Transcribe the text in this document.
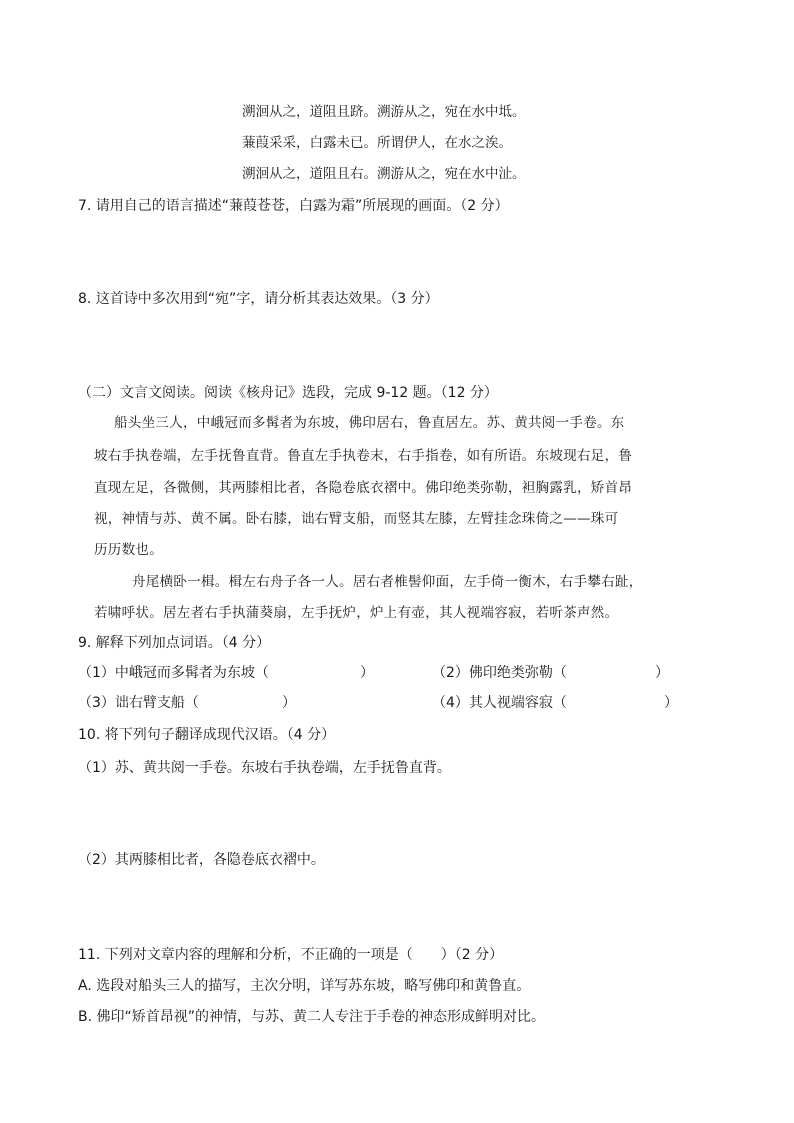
溯洄从之，道阻且跻。溯游从之，宛在水中坻。
蒹葭采采，白露未已。所谓伊人，在水之涘。
溯洄从之，道阻且右。溯游从之，宛在水中沚。
7. 请用自己的语言描述“蒹葭苍苍，白露为霜”所展现的画面。（2 分）
8. 这首诗中多次用到“宛”字，请分析其表达效果。（3 分）
（二）文言文阅读。阅读《核舟记》选段，完成 9-12 题。（12 分）
船头坐三人，中峨冠而多髯者为东坡，佛印居右，鲁直居左。苏、黄共阅一手卷。东
坡右手执卷端，左手抚鲁直背。鲁直左手执卷末，右手指卷，如有所语。东坡现右足，鲁
直现左足，各微侧，其两膝相比者，各隐卷底衣褶中。佛印绝类弥勒，袒胸露乳，矫首昂
视，神情与苏、黄不属。卧右膝，诎右臂支船，而竖其左膝，左臂挂念珠倚之——珠可
历历数也。
舟尾横卧一楫。楫左右舟子各一人。居右者椎髻仰面，左手倚一衡木，右手攀右趾，
若啸呼状。居左者右手执蒲葵扇，左手抚炉，炉上有壶，其人视端容寂，若听茶声然。
9. 解释下列加点词语。（4 分）
（1）中峨冠而多髯者为东坡（	）	（2）佛印绝类弥勒（	）
（3）诎右臂支船（	）	（4）其人视端容寂（	）
10. 将下列句子翻译成现代汉语。（4 分）
（1）苏、黄共阅一手卷。东坡右手执卷端，左手抚鲁直背。
（2）其两膝相比者，各隐卷底衣褶中。
11. 下列对文章内容的理解和分析，不正确的一项是（　　）（2 分）
A. 选段对船头三人的描写，主次分明，详写苏东坡，略写佛印和黄鲁直。
B. 佛印“矫首昂视”的神情，与苏、黄二人专注于手卷的神态形成鲜明对比。
